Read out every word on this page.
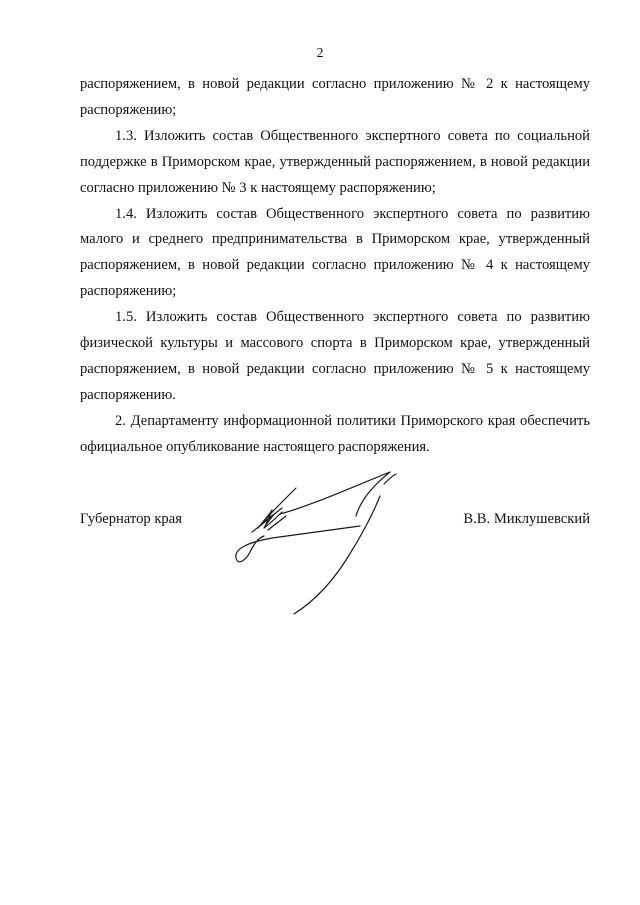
2

распоряжением, в новой редакции согласно приложению № 2 к настоящему распоряжению;

1.3. Изложить состав Общественного экспертного совета по социальной поддержке в Приморском крае, утвержденный распоряжением, в новой редакции согласно приложению № 3 к настоящему распоряжению;

1.4. Изложить состав Общественного экспертного совета по развитию малого и среднего предпринимательства в Приморском крае, утвержденный распоряжением, в новой редакции согласно приложению № 4 к настоящему распоряжению;

1.5. Изложить состав Общественного экспертного совета по развитию физической культуры и массового спорта в Приморском крае, утвержденный распоряжением, в новой редакции согласно приложению № 5 к настоящему распоряжению.

2. Департаменту информационной политики Приморского края обеспечить официальное опубликование настоящего распоряжения.

Губернатор края	В.В. Миклушевский
